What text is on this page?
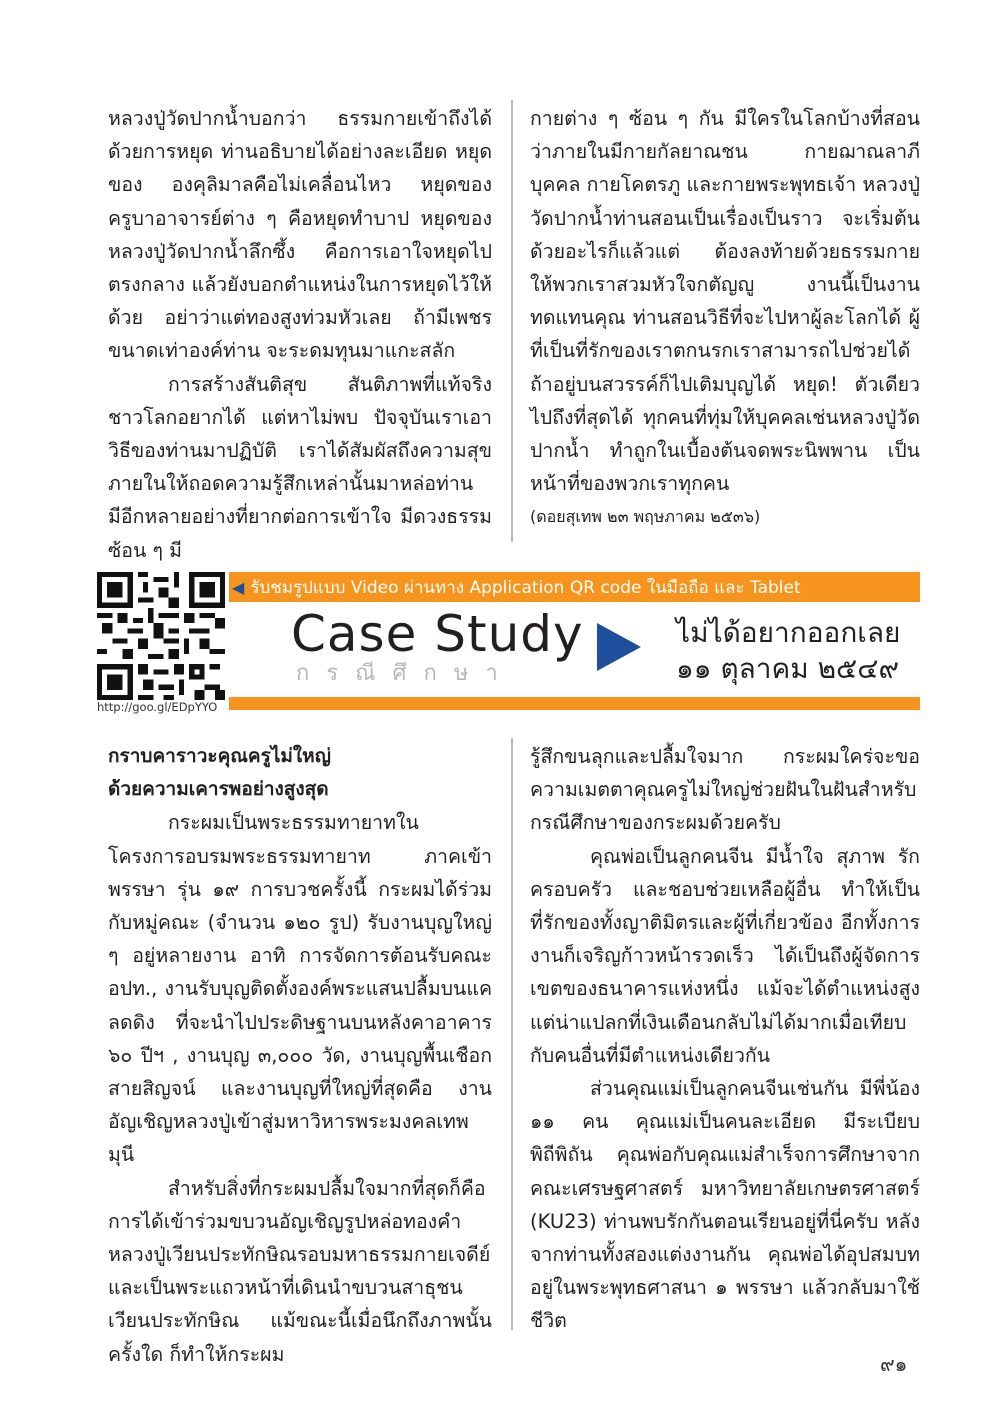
หลวงปู่วัดปากน้ำบอกว่า ธรรมกายเข้าถึงได้ด้วยการหยุด ท่านอธิบายได้อย่างละเอียด หยุดของ องคุลิมาลคือไม่เคลื่อนไหว หยุดของครูบาอาจารย์ต่าง ๆ คือหยุดทำบาป หยุดของหลวงปู่วัดปากน้ำลึกซึ้ง คือการเอาใจหยุดไปตรงกลาง แล้วยังบอกตำแหน่งในการหยุดไว้ให้ด้วย อย่าว่าแต่ทองสูงท่วมหัวเลย ถ้ามีเพชรขนาดเท่าองค์ท่าน จะระดมทุนมาแกะสลัก

การสร้างสันติสุข สันติภาพที่แท้จริง ชาวโลกอยากได้ แต่หาไม่พบ ปัจจุบันเราเอาวิธีของท่านมาปฏิบัติ เราได้สัมผัสถึงความสุขภายในให้ถอดความรู้สึกเหล่านั้นมาหล่อท่าน มีอีกหลายอย่างที่ยากต่อการเข้าใจ มีดวงธรรมซ้อน ๆ มี

กายต่าง ๆ ซ้อน ๆ กัน มีใครในโลกบ้างที่สอนว่าภายในมีกายกัลยาณชน กายฌาณลาภีบุคคล กายโคตรภู และกายพระพุทธเจ้า หลวงปู่วัดปากน้ำท่านสอนเป็นเรื่องเป็นราว จะเริ่มต้นด้วยอะไรก็แล้วแต่ ต้องลงท้ายด้วยธรรมกาย ให้พวกเราสวมหัวใจกตัญญู งานนี้เป็นงานทดแทนคุณ ท่านสอนวิธีที่จะไปหาผู้ละโลกได้ ผู้ที่เป็นที่รักของเราตกนรกเราสามารถไปช่วยได้ ถ้าอยู่บนสวรรค์ก็ไปเติมบุญได้ หยุด! ตัวเดียวไปถึงที่สุดได้ ทุกคนที่ทุ่มให้บุคคลเช่นหลวงปู่วัดปากน้ำ ทำถูกในเบื้องต้นจดพระนิพพาน เป็นหน้าที่ของพวกเราทุกคน

(ดอยสุเทพ ๒๓ พฤษภาคม ๒๕๓๖)

http://goo.gl/EDpYYO
◀ รับชมรูปแบบ Video ผ่านทาง Application QR code ในมือถือ และ Tablet
Case Study
กรณีศึกษา
ไม่ได้อยากออกเลย
๑๑ ตุลาคม ๒๕๔๙

กราบคาราวะคุณครูไม่ใหญ่

ด้วยความเคารพอย่างสูงสุด

กระผมเป็นพระธรรมทายาทในโครงการอบรมพระธรรมทายาท ภาคเข้าพรรษา รุ่น ๑๙ การบวชครั้งนี้ กระผมได้ร่วมกับหมู่คณะ (จำนวน ๑๒๐ รูป) รับงานบุญใหญ่ ๆ อยู่หลายงาน อาทิ การจัดการต้อนรับคณะอปท., งานรับบุญติดตั้งองค์พระแสนปลื้มบนแคลดดิง ที่จะนำไปประดิษฐานบนหลังคาอาคาร ๖๐ ปีฯ , งานบุญ ๓,๐๐๐ วัด, งานบุญพื้นเชือกสายสิญจน์ และงานบุญที่ใหญ่ที่สุดคือ งานอัญเชิญหลวงปู่เข้าสู่มหาวิหารพระมงคลเทพมุนี

สำหรับสิ่งที่กระผมปลื้มใจมากที่สุดก็คือการได้เข้าร่วมขบวนอัญเชิญรูปหล่อทองคำหลวงปู่เวียนประทักษิณรอบมหาธรรมกายเจดีย์ และเป็นพระแถวหน้าที่เดินนำขบวนสาธุชนเวียนประทักษิณ แม้ขณะนี้เมื่อนึกถึงภาพนั้นครั้งใด ก็ทำให้กระผม

รู้สึกขนลุกและปลื้มใจมาก กระผมใคร่จะขอความเมตตาคุณครูไม่ใหญ่ช่วยฝันในฝันสำหรับกรณีศึกษาของกระผมด้วยครับ

คุณพ่อเป็นลูกคนจีน มีน้ำใจ สุภาพ รักครอบครัว และชอบช่วยเหลือผู้อื่น ทำให้เป็นที่รักของทั้งญาติมิตรและผู้ที่เกี่ยวข้อง อีกทั้งการงานก็เจริญก้าวหน้ารวดเร็ว ได้เป็นถึงผู้จัดการเขตของธนาคารแห่งหนึ่ง แม้จะได้ตำแหน่งสูง แต่น่าแปลกที่เงินเดือนกลับไม่ได้มากเมื่อเทียบกับคนอื่นที่มีตำแหน่งเดียวกัน

ส่วนคุณแม่เป็นลูกคนจีนเช่นกัน มีพี่น้อง ๑๑ คน คุณแม่เป็นคนละเอียด มีระเบียบ พิถีพิถัน คุณพ่อกับคุณแม่สำเร็จการศึกษาจากคณะเศรษฐศาสตร์ มหาวิทยาลัยเกษตรศาสตร์ (KU23) ท่านพบรักกันตอนเรียนอยู่ที่นี่ครับ หลังจากท่านทั้งสองแต่งงานกัน คุณพ่อได้อุปสมบทอยู่ในพระพุทธศาสนา ๑ พรรษา แล้วกลับมาใช้ชีวิต

๙๑
